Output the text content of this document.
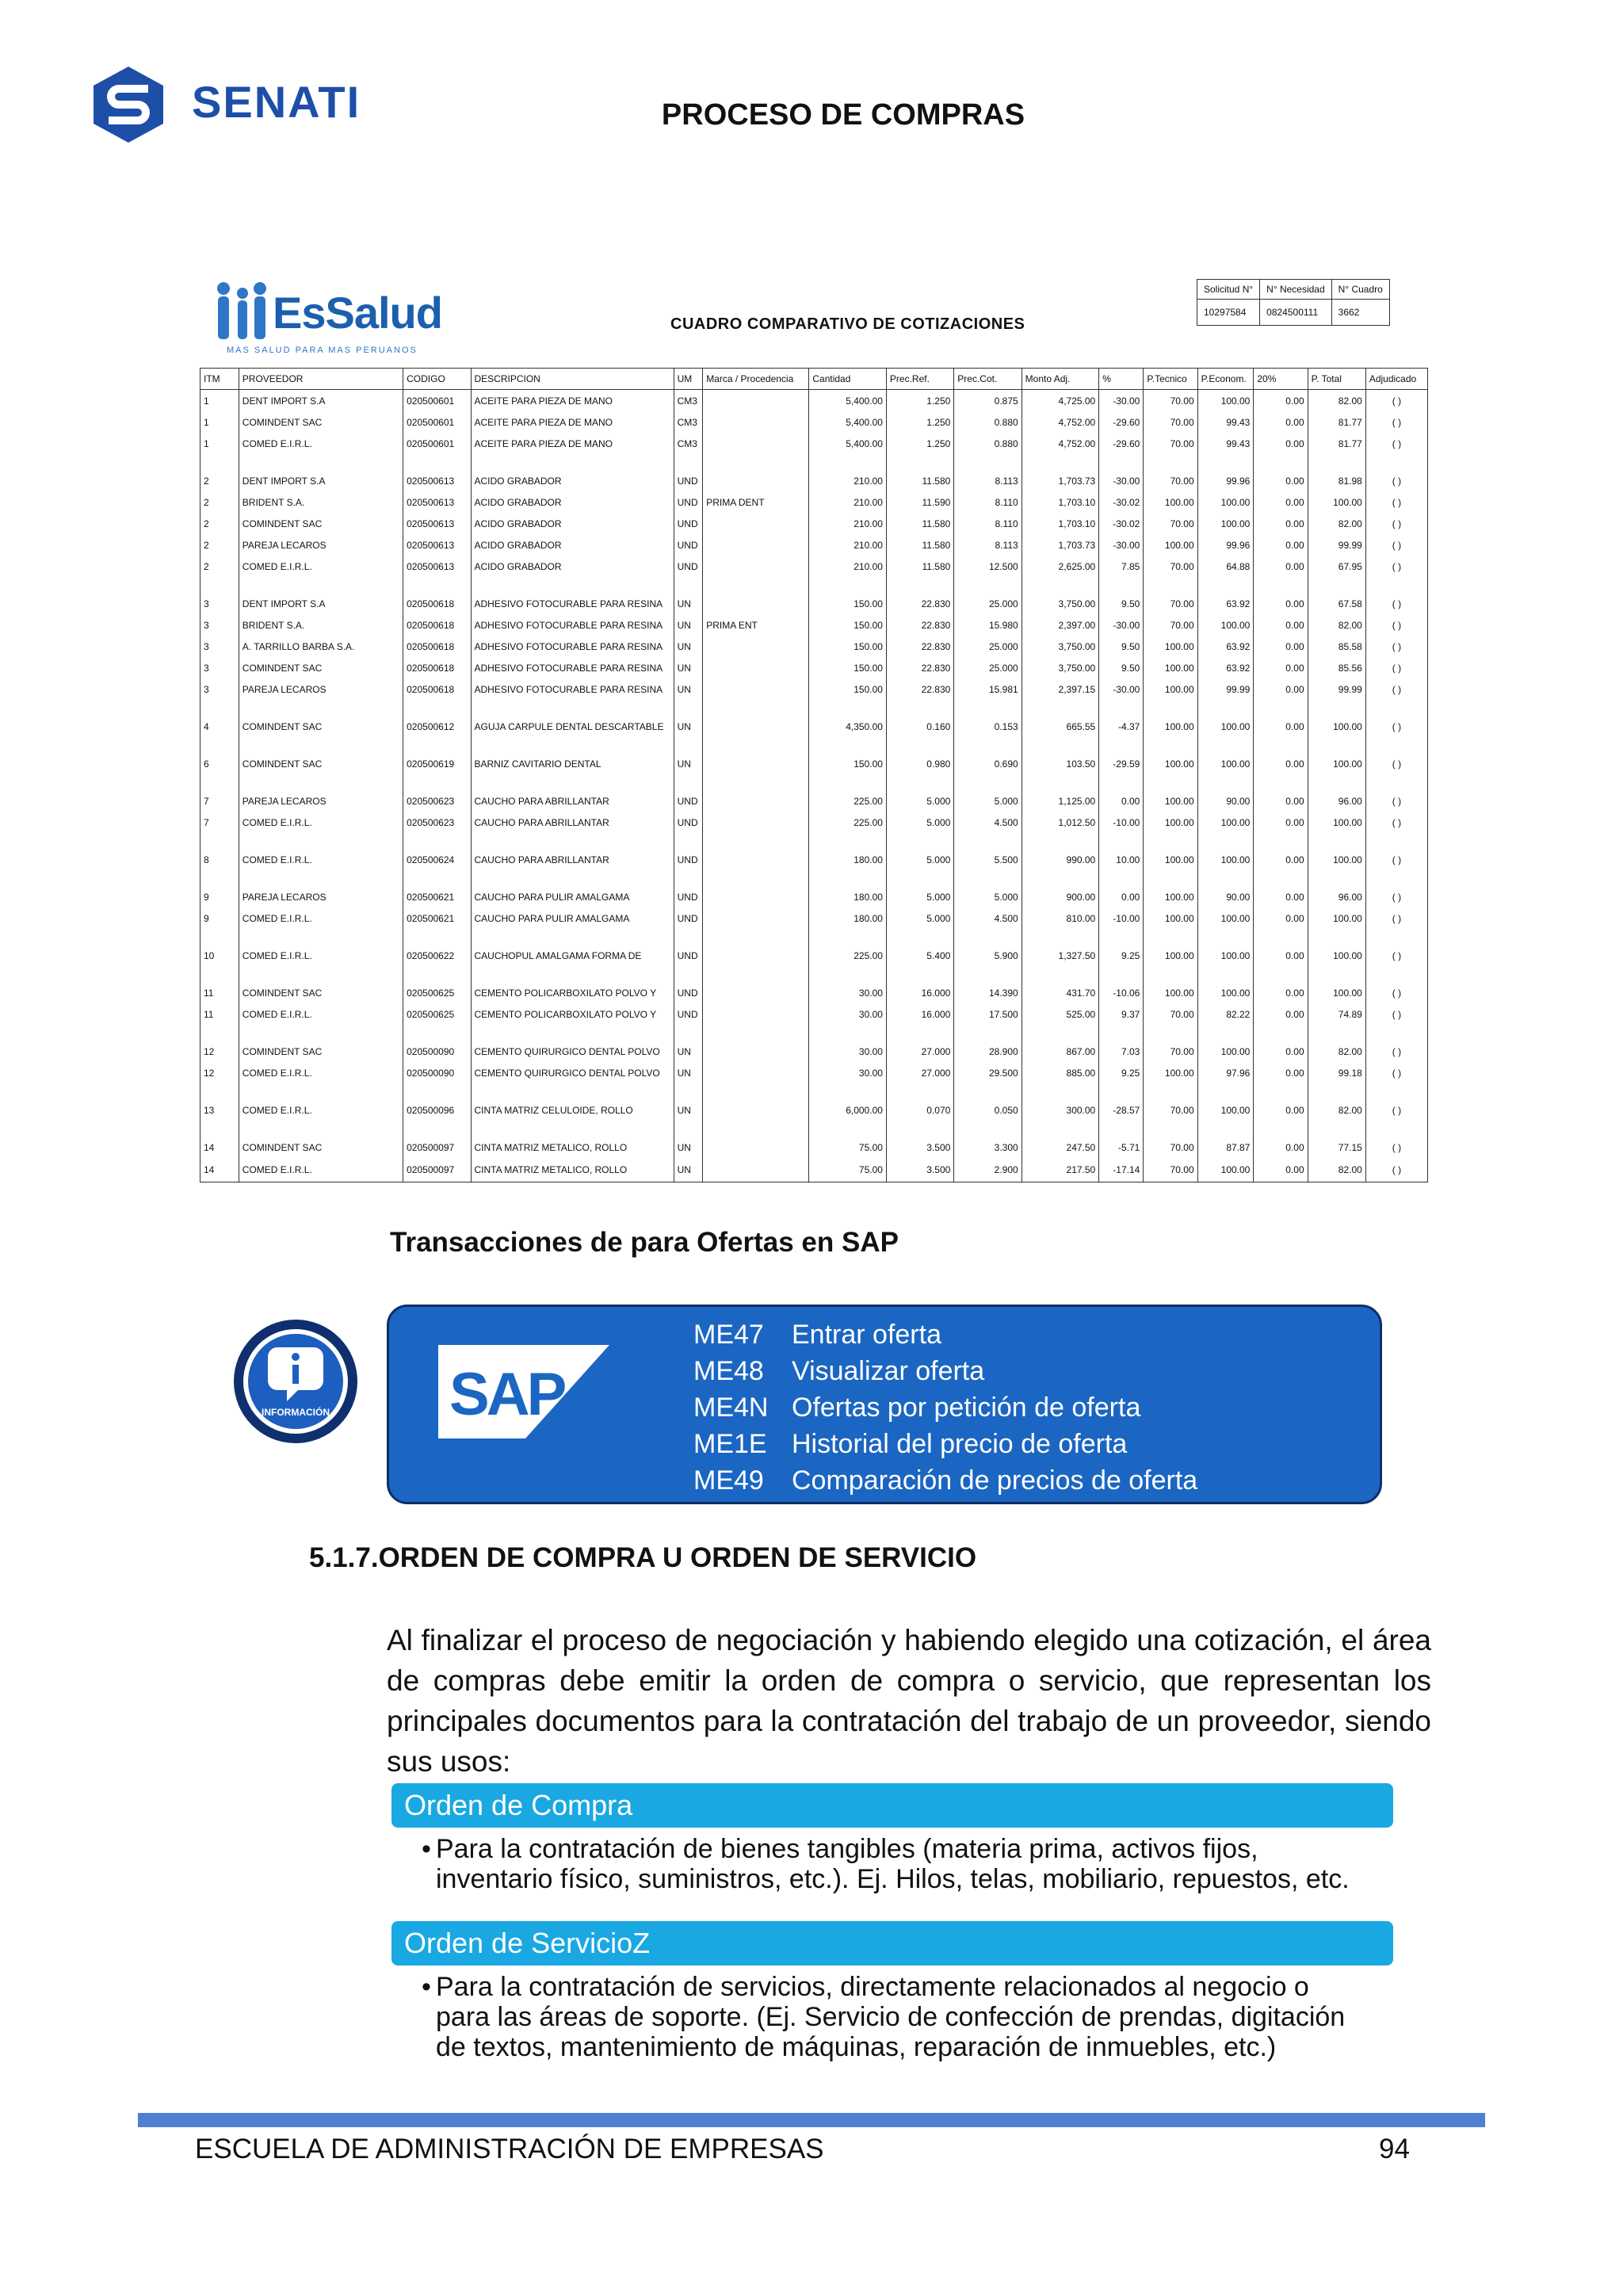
SENATI	PROCESO DE COMPRAS
EsSalud
MAS SALUD PARA MAS PERUANOS
CUADRO COMPARATIVO DE COTIZACIONES
Solicitud N°	N° Necesidad	N° Cuadro
10297584	0824500111	3662
ITM	PROVEEDOR	CODIGO	DESCRIPCION	UM	Marca / Procedencia	Cantidad	Prec.Ref.	Prec.Cot.	Monto Adj.	%	P.Tecnico	P.Econom.	20%	P. Total	Adjudicado
1	DENT IMPORT S.A	020500601	ACEITE PARA PIEZA DE MANO	CM3		5,400.00	1.250	0.875	4,725.00	-30.00	70.00	100.00	0.00	82.00	( )
1	COMINDENT SAC	020500601	ACEITE PARA PIEZA DE MANO	CM3		5,400.00	1.250	0.880	4,752.00	-29.60	70.00	99.43	0.00	81.77	( )
1	COMED E.I.R.L.	020500601	ACEITE PARA PIEZA DE MANO	CM3		5,400.00	1.250	0.880	4,752.00	-29.60	70.00	99.43	0.00	81.77	( )

2	DENT IMPORT S.A	020500613	ACIDO GRABADOR	UND		210.00	11.580	8.113	1,703.73	-30.00	70.00	99.96	0.00	81.98	( )
2	BRIDENT S.A.	020500613	ACIDO GRABADOR	UND	PRIMA DENT	210.00	11.590	8.110	1,703.10	-30.02	100.00	100.00	0.00	100.00	( )
2	COMINDENT SAC	020500613	ACIDO GRABADOR	UND		210.00	11.580	8.110	1,703.10	-30.02	70.00	100.00	0.00	82.00	( )
2	PAREJA LECAROS	020500613	ACIDO GRABADOR	UND		210.00	11.580	8.113	1,703.73	-30.00	100.00	99.96	0.00	99.99	( )
2	COMED E.I.R.L.	020500613	ACIDO GRABADOR	UND		210.00	11.580	12.500	2,625.00	7.85	70.00	64.88	0.00	67.95	( )

3	DENT IMPORT S.A	020500618	ADHESIVO FOTOCURABLE PARA RESINA	UN		150.00	22.830	25.000	3,750.00	9.50	70.00	63.92	0.00	67.58	( )
3	BRIDENT S.A.	020500618	ADHESIVO FOTOCURABLE PARA RESINA	UN	PRIMA ENT	150.00	22.830	15.980	2,397.00	-30.00	70.00	100.00	0.00	82.00	( )
3	A. TARRILLO BARBA S.A.	020500618	ADHESIVO FOTOCURABLE PARA RESINA	UN		150.00	22.830	25.000	3,750.00	9.50	100.00	63.92	0.00	85.58	( )
3	COMINDENT SAC	020500618	ADHESIVO FOTOCURABLE PARA RESINA	UN		150.00	22.830	25.000	3,750.00	9.50	100.00	63.92	0.00	85.56	( )
3	PAREJA LECAROS	020500618	ADHESIVO FOTOCURABLE PARA RESINA	UN		150.00	22.830	15.981	2,397.15	-30.00	100.00	99.99	0.00	99.99	( )

4	COMINDENT SAC	020500612	AGUJA CARPULE DENTAL DESCARTABLE	UN		4,350.00	0.160	0.153	665.55	-4.37	100.00	100.00	0.00	100.00	( )

6	COMINDENT SAC	020500619	BARNIZ CAVITARIO DENTAL	UN		150.00	0.980	0.690	103.50	-29.59	100.00	100.00	0.00	100.00	( )

7	PAREJA LECAROS	020500623	CAUCHO PARA ABRILLANTAR	UND		225.00	5.000	5.000	1,125.00	0.00	100.00	90.00	0.00	96.00	( )
7	COMED E.I.R.L.	020500623	CAUCHO PARA ABRILLANTAR	UND		225.00	5.000	4.500	1,012.50	-10.00	100.00	100.00	0.00	100.00	( )

8	COMED E.I.R.L.	020500624	CAUCHO PARA ABRILLANTAR	UND		180.00	5.000	5.500	990.00	10.00	100.00	100.00	0.00	100.00	( )

9	PAREJA LECAROS	020500621	CAUCHO PARA PULIR AMALGAMA	UND		180.00	5.000	5.000	900.00	0.00	100.00	90.00	0.00	96.00	( )
9	COMED E.I.R.L.	020500621	CAUCHO PARA PULIR AMALGAMA	UND		180.00	5.000	4.500	810.00	-10.00	100.00	100.00	0.00	100.00	( )

10	COMED E.I.R.L.	020500622	CAUCHOPUL AMALGAMA FORMA DE	UND		225.00	5.400	5.900	1,327.50	9.25	100.00	100.00	0.00	100.00	( )

11	COMINDENT SAC	020500625	CEMENTO POLICARBOXILATO POLVO Y	UND		30.00	16.000	14.390	431.70	-10.06	100.00	100.00	0.00	100.00	( )
11	COMED E.I.R.L.	020500625	CEMENTO POLICARBOXILATO POLVO Y	UND		30.00	16.000	17.500	525.00	9.37	70.00	82.22	0.00	74.89	( )

12	COMINDENT SAC	020500090	CEMENTO QUIRURGICO DENTAL POLVO	UN		30.00	27.000	28.900	867.00	7.03	70.00	100.00	0.00	82.00	( )
12	COMED E.I.R.L.	020500090	CEMENTO QUIRURGICO DENTAL POLVO	UN		30.00	27.000	29.500	885.00	9.25	100.00	97.96	0.00	99.18	( )

13	COMED E.I.R.L.	020500096	CINTA MATRIZ CELULOIDE, ROLLO	UN		6,000.00	0.070	0.050	300.00	-28.57	70.00	100.00	0.00	82.00	( )

14	COMINDENT SAC	020500097	CINTA MATRIZ METALICO, ROLLO	UN		75.00	3.500	3.300	247.50	-5.71	70.00	87.87	0.00	77.15	( )
14	COMED E.I.R.L.	020500097	CINTA MATRIZ METALICO, ROLLO	UN		75.00	3.500	2.900	217.50	-17.14	70.00	100.00	0.00	82.00	( )
Transacciones de para Ofertas en SAP
INFORMACIÓN SAP
ME47 Entrar oferta
ME48 Visualizar oferta
ME4N Ofertas por petición de oferta
ME1E Historial del precio de oferta
ME49 Comparación de precios de oferta
5.1.7.ORDEN DE COMPRA U ORDEN DE SERVICIO
Al finalizar el proceso de negociación y habiendo elegido una cotización, el área de compras debe emitir la orden de compra o servicio, que representan los principales documentos para la contratación del trabajo de un proveedor, siendo sus usos:
Orden de Compra
• Para la contratación de bienes tangibles (materia prima, activos fijos, inventario físico, suministros, etc.). Ej. Hilos, telas, mobiliario, repuestos, etc.
Orden de ServicioZ
• Para la contratación de servicios, directamente relacionados al negocio o para las áreas de soporte. (Ej. Servicio de confección de prendas, digitación de textos, mantenimiento de máquinas, reparación de inmuebles, etc.)
ESCUELA DE ADMINISTRACIÓN DE EMPRESAS	94
